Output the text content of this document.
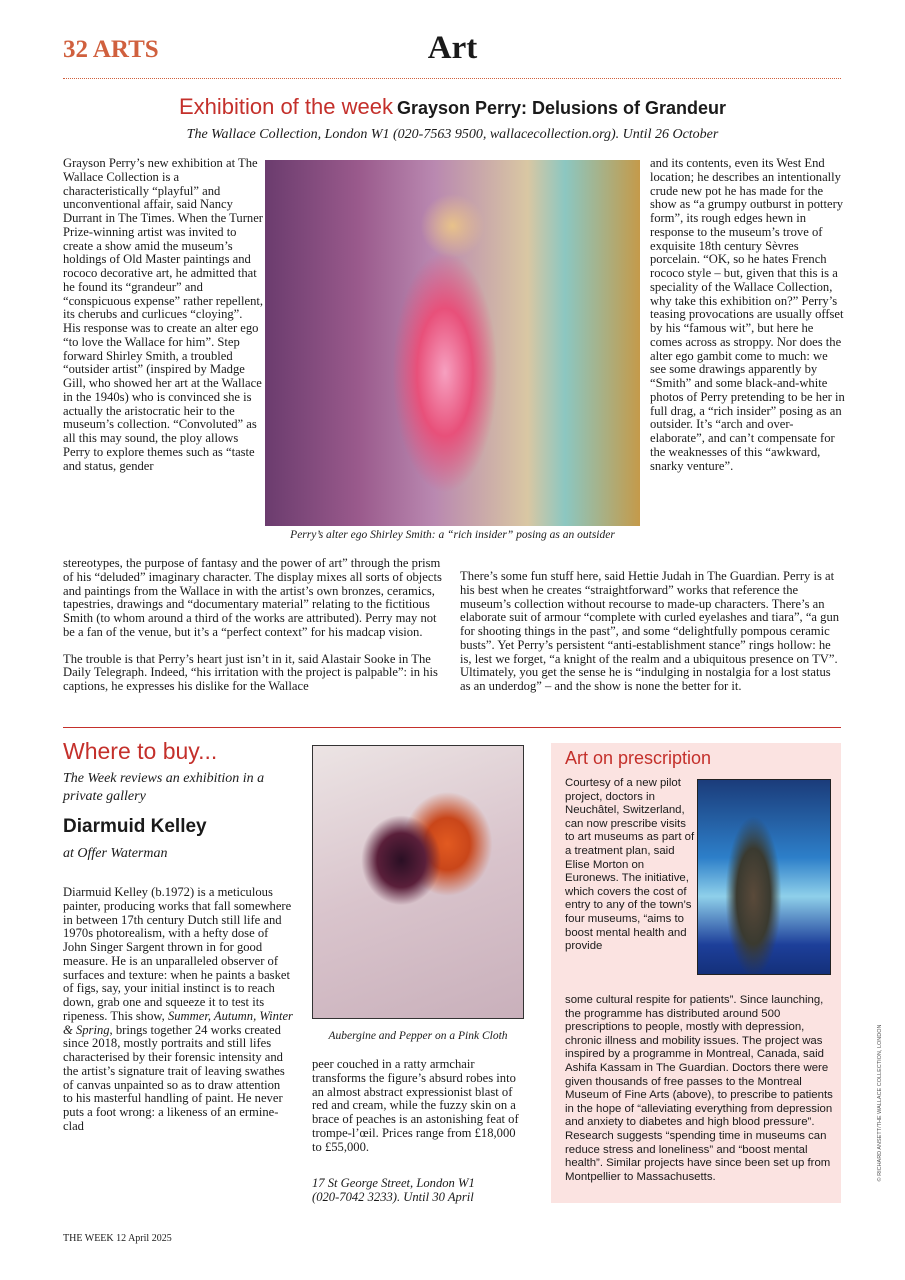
32 ARTS	Art
Exhibition of the week Grayson Perry: Delusions of Grandeur
The Wallace Collection, London W1 (020-7563 9500, wallacecollection.org). Until 26 October

Grayson Perry’s new exhibition at The Wallace Collection is a characteristically “playful” and unconventional affair, said Nancy Durrant in The Times. When the Turner Prize-winning artist was invited to create a show amid the museum’s holdings of Old Master paintings and rococo decorative art, he admitted that he found its “grandeur” and “conspicuous expense” rather repellent, its cherubs and curlicues “cloying”. His response was to create an alter ego “to love the Wallace for him”. Step forward Shirley Smith, a troubled “outsider artist” (inspired by Madge Gill, who showed her art at the Wallace in the 1940s) who is convinced she is actually the aristocratic heir to the museum’s collection. “Convoluted” as all this may sound, the ploy allows Perry to explore themes such as “taste and status, gender

Perry’s alter ego Shirley Smith: a “rich insider” posing as an outsider

and its contents, even its West End location; he describes an intentionally crude new pot he has made for the show as “a grumpy outburst in pottery form”, its rough edges hewn in response to the museum’s trove of exquisite 18th century Sèvres porcelain. “OK, so he hates French rococo style – but, given that this is a speciality of the Wallace Collection, why take this exhibition on?” Perry’s teasing provocations are usually offset by his “famous wit”, but here he comes across as stroppy. Nor does the alter ego gambit come to much: we see some drawings apparently by “Smith” and some black-and-white photos of Perry pretending to be her in full drag, a “rich insider” posing as an outsider. It’s “arch and over-elaborate”, and can’t compensate for the weaknesses of this “awkward, snarky venture”.

stereotypes, the purpose of fantasy and the power of art” through the prism of his “deluded” imaginary character. The display mixes all sorts of objects and paintings from the Wallace in with the artist’s own bronzes, ceramics, tapestries, drawings and “documentary material” relating to the fictitious Smith (to whom around a third of the works are attributed). Perry may not be a fan of the venue, but it’s a “perfect context” for his madcap vision.

The trouble is that Perry’s heart just isn’t in it, said Alastair Sooke in The Daily Telegraph. Indeed, “his irritation with the project is palpable”: in his captions, he expresses his dislike for the Wallace

There’s some fun stuff here, said Hettie Judah in The Guardian. Perry is at his best when he creates “straightforward” works that reference the museum’s collection without recourse to made-up characters. There’s an elaborate suit of armour “complete with curled eyelashes and tiara”, “a gun for shooting things in the past”, and some “delightfully pompous ceramic busts”. Yet Perry’s persistent “anti-establishment stance” rings hollow: he is, lest we forget, “a knight of the realm and a ubiquitous presence on TV”. Ultimately, you get the sense he is “indulging in nostalgia for a lost status as an underdog” – and the show is none the better for it.

Where to buy...
The Week reviews an exhibition in a private gallery
Diarmuid Kelley
at Offer Waterman

Diarmuid Kelley (b.1972) is a meticulous painter, producing works that fall somewhere in between 17th century Dutch still life and 1970s photorealism, with a hefty dose of John Singer Sargent thrown in for good measure. He is an unparalleled observer of surfaces and texture: when he paints a basket of figs, say, your initial instinct is to reach down, grab one and squeeze it to test its ripeness. This show, Summer, Autumn, Winter & Spring, brings together 24 works created since 2018, mostly portraits and still lifes characterised by their forensic intensity and the artist’s signature trait of leaving swathes of canvas unpainted so as to draw attention to his masterful handling of paint. He never puts a foot wrong: a likeness of an ermine-clad

Aubergine and Pepper on a Pink Cloth

peer couched in a ratty armchair transforms the figure’s absurd robes into an almost abstract expressionist blast of red and cream, while the fuzzy skin on a brace of peaches is an astonishing feat of trompe-l’œil. Prices range from £18,000 to £55,000.

17 St George Street, London W1
(020-7042 3233). Until 30 April
Art on prescription
Courtesy of a new pilot project, doctors in Neuchâtel, Switzerland, can now prescribe visits to art museums as part of a treatment plan, said Elise Morton on Euronews. The initiative, which covers the cost of entry to any of the town’s four museums, “aims to boost mental health and provide
some cultural respite for patients”. Since launching, the programme has distributed around 500 prescriptions to people, mostly with depression, chronic illness and mobility issues. The project was inspired by a programme in Montreal, Canada, said Ashifa Kassam in The Guardian. Doctors there were given thousands of free passes to the Montreal Museum of Fine Arts (above), to prescribe to patients in the hope of “alleviating everything from depression and anxiety to diabetes and high blood pressure”. Research suggests “spending time in museums can reduce stress and loneliness” and “boost mental health”. Similar projects have since been set up from Montpellier to Massachusetts.	© RICHARD ANSETT/THE WALLACE COLLECTION, LONDON
THE WEEK 12 April 2025
